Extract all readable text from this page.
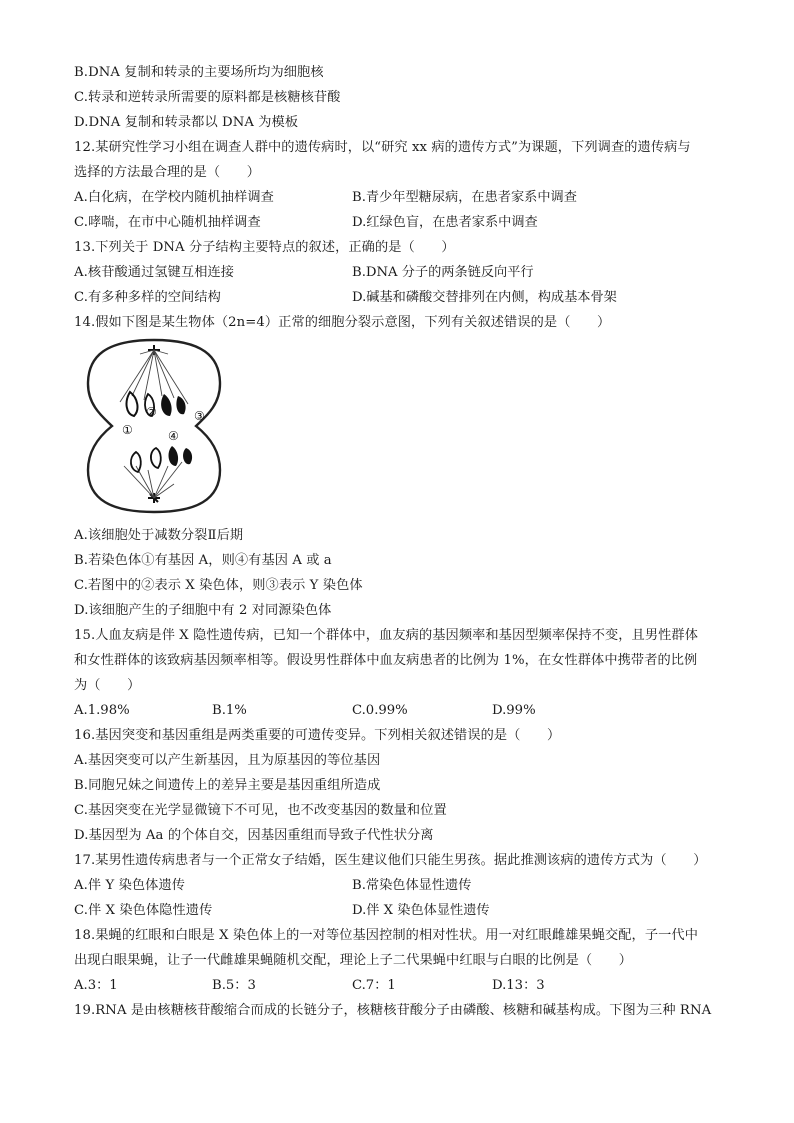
B.DNA 复制和转录的主要场所均为细胞核
C.转录和逆转录所需要的原料都是核糖核苷酸
D.DNA 复制和转录都以 DNA 为模板
12.某研究性学习小组在调查人群中的遗传病时，以“研究 xx 病的遗传方式”为课题，下列调查的遗传病与
选择的方法最合理的是（　　）
A.白化病，在学校内随机抽样调查	B.青少年型糖尿病，在患者家系中调查
C.哮喘，在市中心随机抽样调查	D.红绿色盲，在患者家系中调查
13.下列关于 DNA 分子结构主要特点的叙述，正确的是（　　）
A.核苷酸通过氢键互相连接	B.DNA 分子的两条链反向平行
C.有多种多样的空间结构	D.碱基和磷酸交替排列在内侧，构成基本骨架
14.假如下图是某生物体（2n=4）正常的细胞分裂示意图，下列有关叙述错误的是（　　）
①
②	③
④
A.该细胞处于减数分裂Ⅱ后期
B.若染色体①有基因 A，则④有基因 A 或 a
C.若图中的②表示 X 染色体，则③表示 Y 染色体
D.该细胞产生的子细胞中有 2 对同源染色体
15.人血友病是伴 X 隐性遗传病，已知一个群体中，血友病的基因频率和基因型频率保持不变，且男性群体
和女性群体的该致病基因频率相等。假设男性群体中血友病患者的比例为 1%，在女性群体中携带者的比例
为（　　）
A.1.98%	B.1%	C.0.99%	D.99%
16.基因突变和基因重组是两类重要的可遗传变异。下列相关叙述错误的是（　　）
A.基因突变可以产生新基因，且为原基因的等位基因
B.同胞兄妹之间遗传上的差异主要是基因重组所造成
C.基因突变在光学显微镜下不可见，也不改变基因的数量和位置
D.基因型为 Aa 的个体自交，因基因重组而导致子代性状分离
17.某男性遗传病患者与一个正常女子结婚，医生建议他们只能生男孩。据此推测该病的遗传方式为（　　）
A.伴 Y 染色体遗传	B.常染色体显性遗传
C.伴 X 染色体隐性遗传	D.伴 X 染色体显性遗传
18.果蝇的红眼和白眼是 X 染色体上的一对等位基因控制的相对性状。用一对红眼雌雄果蝇交配，子一代中
出现白眼果蝇，让子一代雌雄果蝇随机交配，理论上子二代果蝇中红眼与白眼的比例是（　　）
A.3：1	B.5：3	C.7：1	D.13：3
19.RNA 是由核糖核苷酸缩合而成的长链分子，核糖核苷酸分子由磷酸、核糖和碱基构成。下图为三种 RNA
